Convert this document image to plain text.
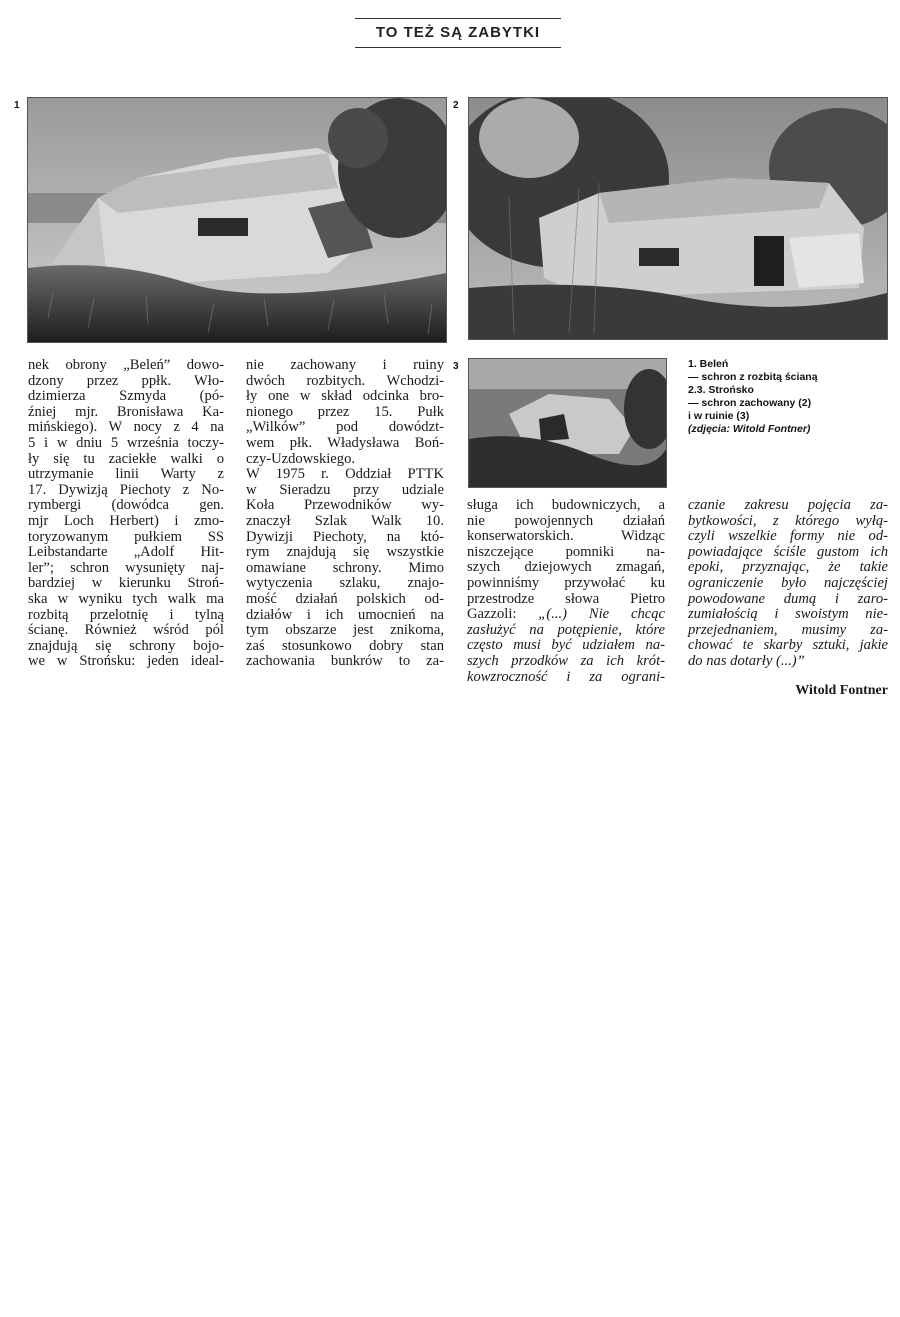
TO TEŻ SĄ ZABYTKI
1	2
3	1. Beleń
— schron z rozbitą ścianą
2.3. Strońsko
— schron zachowany (2)
i w ruinie (3)
(zdjęcia: Witold Fontner)
nek obrony „Beleń” dowo-
dzony przez ppłk. Wło-
dzimierza Szmyda (pó-
źniej mjr. Bronisława Ka-
mińskiego). W nocy z 4 na
5 i w dniu 5 września toczy-
ły się tu zaciekłe walki o
utrzymanie linii Warty z
17. Dywizją Piechoty z No-
rymbergi (dowódca gen.
mjr Loch Herbert) i zmo-
toryzowanym pułkiem SS
Leibstandarte „Adolf Hit-
ler”; schron wysunięty naj-
bardziej w kierunku Stroń-
ska w wyniku tych walk ma
rozbitą przelotnię i tylną
ścianę. Również wśród pól
znajdują się schrony bojo-
we w Strońsku: jeden ideal-
nie zachowany i ruiny
dwóch rozbitych. Wchodzi-
ły one w skład odcinka bro-
nionego przez 15. Pułk
„Wilków” pod dowództ-
wem płk. Władysława Boń-
czy-Uzdowskiego.
W 1975 r. Oddział PTTK
w Sieradzu przy udziale
Koła Przewodników wy-
znaczył Szlak Walk 10.
Dywizji Piechoty, na któ-
rym znajdują się wszystkie
omawiane schrony. Mimo
wytyczenia szlaku, znajo-
mość działań polskich od-
działów i ich umocnień na
tym obszarze jest znikoma,
zaś stosunkowo dobry stan
zachowania bunkrów to za-
sługa ich budowniczych, a
nie powojennych działań
konserwatorskich. Widząc
niszczejące pomniki na-
szych dziejowych zmagań,
powinniśmy przywołać ku
przestrodze słowa Pietro
Gazzoli: „(...) Nie chcąc
zasłużyć na potępienie, które
często musi być udziałem na-
szych przodków za ich krót-
kowzroczność i za ograni-
czanie zakresu pojęcia za-
bytkowości, z którego wyłą-
czyli wszelkie formy nie od-
powiadające ściśle gustom ich
epoki, przyznając, że takie
ograniczenie było najczęściej
powodowane dumą i zaro-
zumiałością i swoistym nie-
przejednaniem, musimy za-
chować te skarby sztuki, jakie
do nas dotarły (...)”
Witold Fontner
